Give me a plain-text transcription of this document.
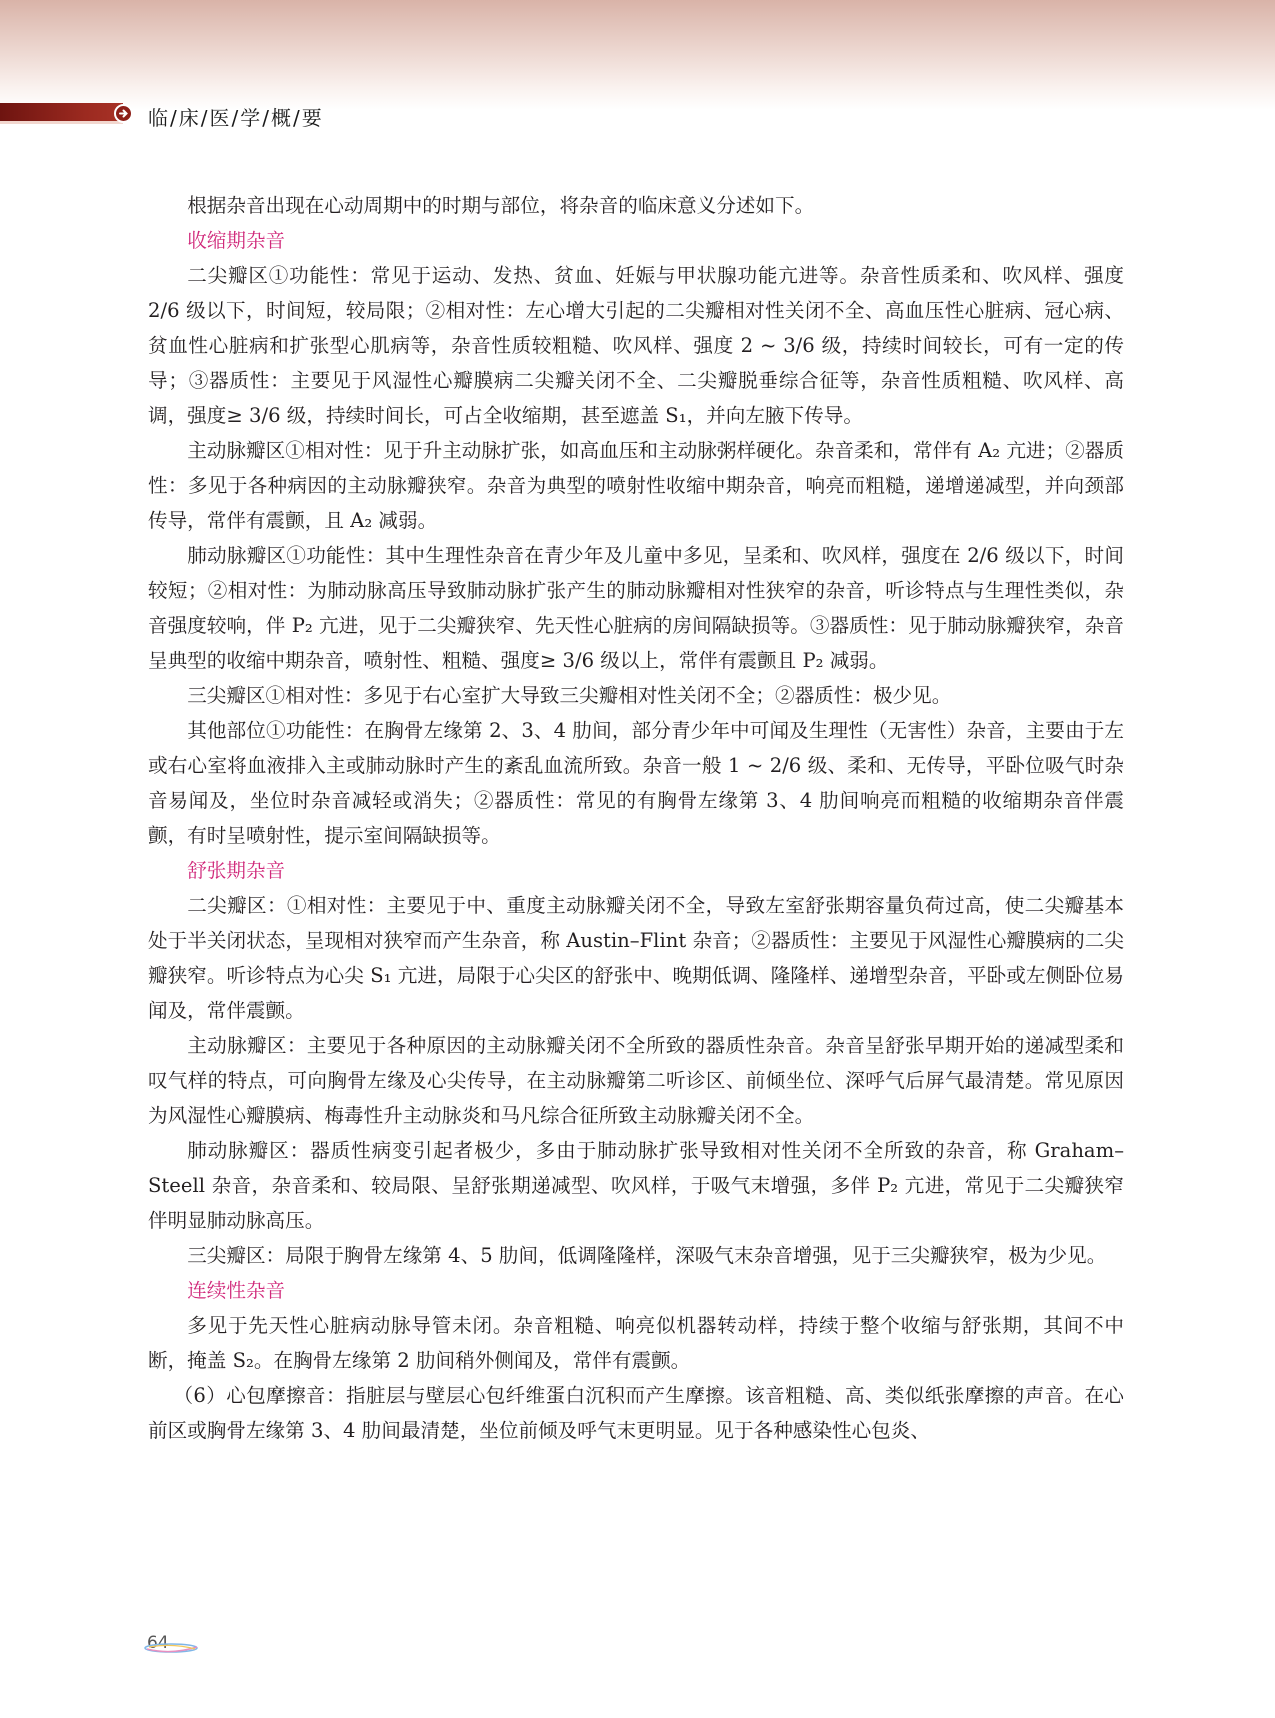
临/床/医/学/概/要

根据杂音出现在心动周期中的时期与部位，将杂音的临床意义分述如下。

收缩期杂音

二尖瓣区①功能性：常见于运动、发热、贫血、妊娠与甲状腺功能亢进等。杂音性质柔和、吹风样、强度 2/6 级以下，时间短，较局限；②相对性：左心增大引起的二尖瓣相对性关闭不全、高血压性心脏病、冠心病、贫血性心脏病和扩张型心肌病等，杂音性质较粗糙、吹风样、强度 2 ~ 3/6 级，持续时间较长，可有一定的传导；③器质性：主要见于风湿性心瓣膜病二尖瓣关闭不全、二尖瓣脱垂综合征等，杂音性质粗糙、吹风样、高调，强度≥ 3/6 级，持续时间长，可占全收缩期，甚至遮盖 S₁，并向左腋下传导。

主动脉瓣区①相对性：见于升主动脉扩张，如高血压和主动脉粥样硬化。杂音柔和，常伴有 A₂ 亢进；②器质性：多见于各种病因的主动脉瓣狭窄。杂音为典型的喷射性收缩中期杂音，响亮而粗糙，递增递减型，并向颈部传导，常伴有震颤，且 A₂ 减弱。

肺动脉瓣区①功能性：其中生理性杂音在青少年及儿童中多见，呈柔和、吹风样，强度在 2/6 级以下，时间较短；②相对性：为肺动脉高压导致肺动脉扩张产生的肺动脉瓣相对性狭窄的杂音，听诊特点与生理性类似，杂音强度较响，伴 P₂ 亢进，见于二尖瓣狭窄、先天性心脏病的房间隔缺损等。③器质性：见于肺动脉瓣狭窄，杂音呈典型的收缩中期杂音，喷射性、粗糙、强度≥ 3/6 级以上，常伴有震颤且 P₂ 减弱。

三尖瓣区①相对性：多见于右心室扩大导致三尖瓣相对性关闭不全；②器质性：极少见。

其他部位①功能性：在胸骨左缘第 2、3、4 肋间，部分青少年中可闻及生理性（无害性）杂音，主要由于左或右心室将血液排入主或肺动脉时产生的紊乱血流所致。杂音一般 1 ~ 2/6 级、柔和、无传导，平卧位吸气时杂音易闻及，坐位时杂音减轻或消失；②器质性：常见的有胸骨左缘第 3、4 肋间响亮而粗糙的收缩期杂音伴震颤，有时呈喷射性，提示室间隔缺损等。

舒张期杂音

二尖瓣区：①相对性：主要见于中、重度主动脉瓣关闭不全，导致左室舒张期容量负荷过高，使二尖瓣基本处于半关闭状态，呈现相对狭窄而产生杂音，称 Austin–Flint 杂音；②器质性：主要见于风湿性心瓣膜病的二尖瓣狭窄。听诊特点为心尖 S₁ 亢进，局限于心尖区的舒张中、晚期低调、隆隆样、递增型杂音，平卧或左侧卧位易闻及，常伴震颤。

主动脉瓣区：主要见于各种原因的主动脉瓣关闭不全所致的器质性杂音。杂音呈舒张早期开始的递减型柔和叹气样的特点，可向胸骨左缘及心尖传导，在主动脉瓣第二听诊区、前倾坐位、深呼气后屏气最清楚。常见原因为风湿性心瓣膜病、梅毒性升主动脉炎和马凡综合征所致主动脉瓣关闭不全。

肺动脉瓣区：器质性病变引起者极少，多由于肺动脉扩张导致相对性关闭不全所致的杂音，称 Graham–Steell 杂音，杂音柔和、较局限、呈舒张期递减型、吹风样，于吸气末增强，多伴 P₂ 亢进，常见于二尖瓣狭窄伴明显肺动脉高压。

三尖瓣区：局限于胸骨左缘第 4、5 肋间，低调隆隆样，深吸气末杂音增强，见于三尖瓣狭窄，极为少见。

连续性杂音

多见于先天性心脏病动脉导管未闭。杂音粗糙、响亮似机器转动样，持续于整个收缩与舒张期，其间不中断，掩盖 S₂。在胸骨左缘第 2 肋间稍外侧闻及，常伴有震颤。

（6）心包摩擦音：指脏层与壁层心包纤维蛋白沉积而产生摩擦。该音粗糙、高、类似纸张摩擦的声音。在心前区或胸骨左缘第 3、4 肋间最清楚，坐位前倾及呼气末更明显。见于各种感染性心包炎、

64
